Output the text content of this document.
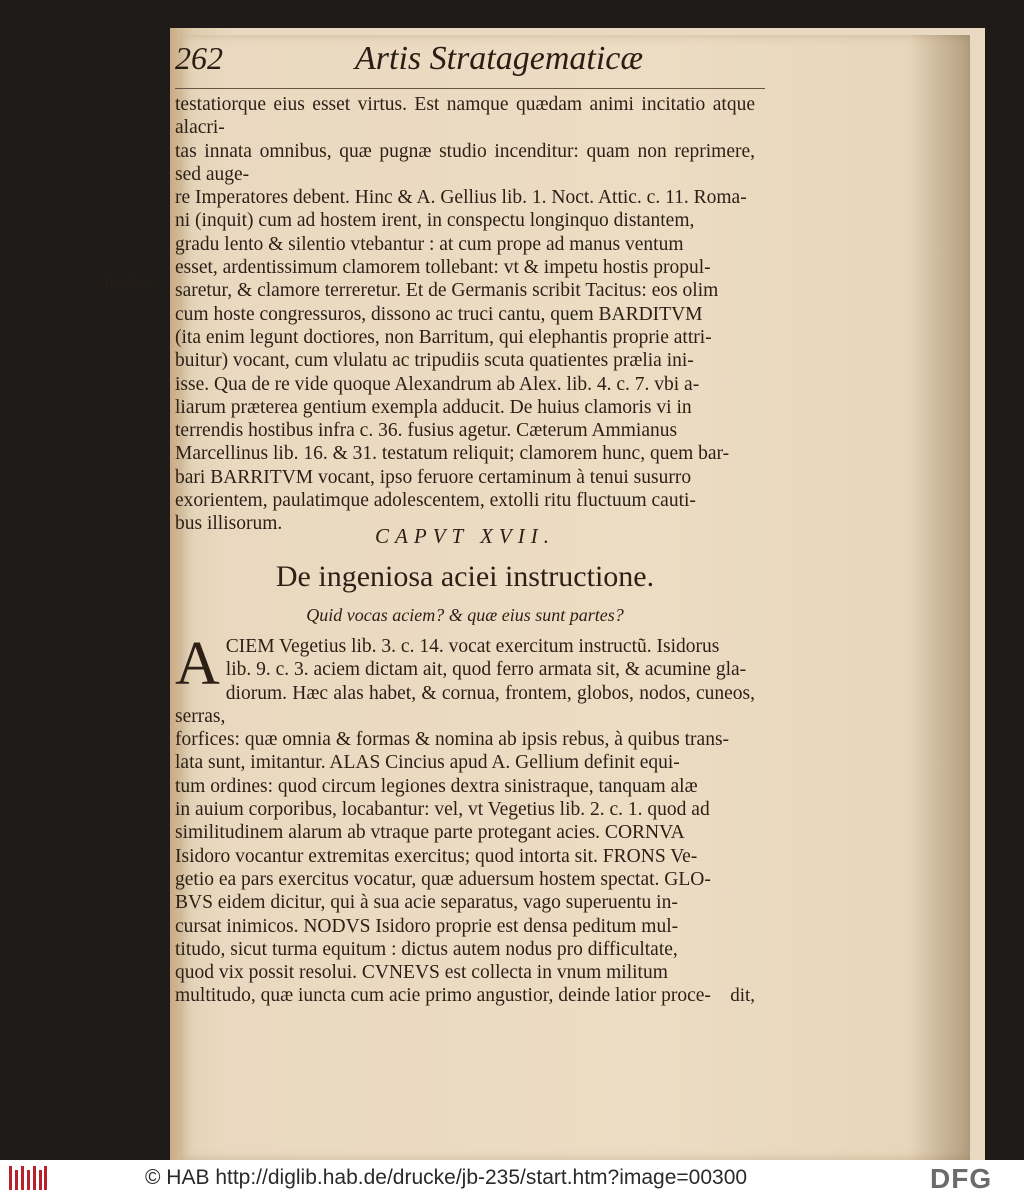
262	Artis Stratagematicæ
Barditus.

testatiorque eius esset virtus. Est namque quædam animi incitatio atque alacri-
tas innata omnibus, quæ pugnæ studio incenditur: quam non reprimere, sed auge-
re Imperatores debent. Hinc & A. Gellius lib. 1. Noct. Attic. c. 11. Roma-
ni (inquit) cum ad hostem irent, in conspectu longinquo distantem,
gradu lento & silentio vtebantur : at cum prope ad manus ventum
esset, ardentissimum clamorem tollebant: vt & impetu hostis propul-
saretur, & clamore terreretur. Et de Germanis scribit Tacitus: eos olim
cum hoste congressuros, dissono ac truci cantu, quem BARDITVM
(ita enim legunt doctiores, non Barritum, qui elephantis proprie attri-
buitur) vocant, cum vlulatu ac tripudiis scuta quatientes prælia ini-
isse. Qua de re vide quoque Alexandrum ab Alex. lib. 4. c. 7. vbi a-
liarum præterea gentium exempla adducit. De huius clamoris vi in
terrendis hostibus infra c. 36. fusius agetur. Cæterum Ammianus
Marcellinus lib. 16. & 31. testatum reliquit; clamorem hunc, quem bar-
bari BARRITVM vocant, ipso feruore certaminum à tenui susurro
exorientem, paulatimque adolescentem, extolli ritu fluctuum cauti-
bus illisorum.

CAPVT XVII.
De ingeniosa aciei instructione.
Quid vocas aciem? & quæ eius sunt partes?
A CIEM Vegetius lib. 3. c. 14. vocat exercitum instructũ. Isidorus
lib. 9. c. 3. aciem dictam ait, quod ferro armata sit, & acumine gla-
diorum. Hæc alas habet, & cornua, frontem, globos, nodos, cuneos, serras,
forfices: quæ omnia & formas & nomina ab ipsis rebus, à quibus trans-
lata sunt, imitantur. ALAS Cincius apud A. Gellium definit equi-
tum ordines: quod circum legiones dextra sinistraque, tanquam alæ
in auium corporibus, locabantur: vel, vt Vegetius lib. 2. c. 1. quod ad
similitudinem alarum ab vtraque parte protegant acies. CORNVA
Isidoro vocantur extremitas exercitus; quod intorta sit. FRONS Ve-
getio ea pars exercitus vocatur, quæ aduersum hostem spectat. GLO-
BVS eidem dicitur, qui à sua acie separatus, vago superuentu in-
cursat inimicos. NODVS Isidoro proprie est densa peditum mul-
titudo, sicut turma equitum : dictus autem nodus pro difficultate,
quod vix possit resolui. CVNEVS est collecta in vnum militum
multitudo, quæ iuncta cum acie primo angustior, deinde latior proce-	dit,
© HAB http://diglib.hab.de/drucke/jb-235/start.htm?image=00300	DFG
